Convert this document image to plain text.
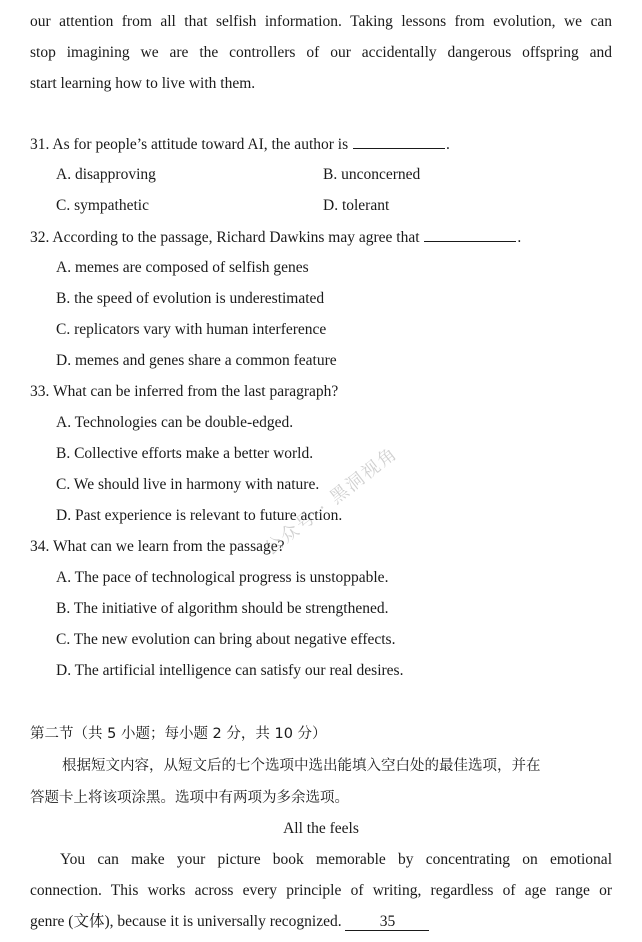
our attention from all that selfish information. Taking lessons from evolution, we can
stop imagining we are the controllers of our accidentally dangerous offspring and
start learning how to live with them.
31. As for people’s attitude toward AI, the author is	.
A. disapproving	B. unconcerned
C. sympathetic	D. tolerant
32. According to the passage, Richard Dawkins may agree that	.
A. memes are composed of selfish genes
B. the speed of evolution is underestimated
C. replicators vary with human interference
D. memes and genes share a common feature
33. What can be inferred from the last paragraph?
A. Technologies can be double-edged.
B. Collective efforts make a better world.
C. We should live in harmony with nature.
D. Past experience is relevant to future action.
34. What can we learn from the passage?
A. The pace of technological progress is unstoppable.
B. The initiative of algorithm should be strengthened.
C. The new evolution can bring about negative effects.
D. The artificial intelligence can satisfy our real desires.
第二节（共 5 小题；每小题 2 分，共 10 分）
根据短文内容，从短文后的七个选项中选出能填入空白处的最佳选项，并在
答题卡上将该项涂黑。选项中有两项为多余选项。
All the feels
You can make your picture book memorable by concentrating on emotional
connection. This works across every principle of writing, regardless of age range or
genre (文体), because it is universally recognized. 35
公众号 · 黑洞视角
